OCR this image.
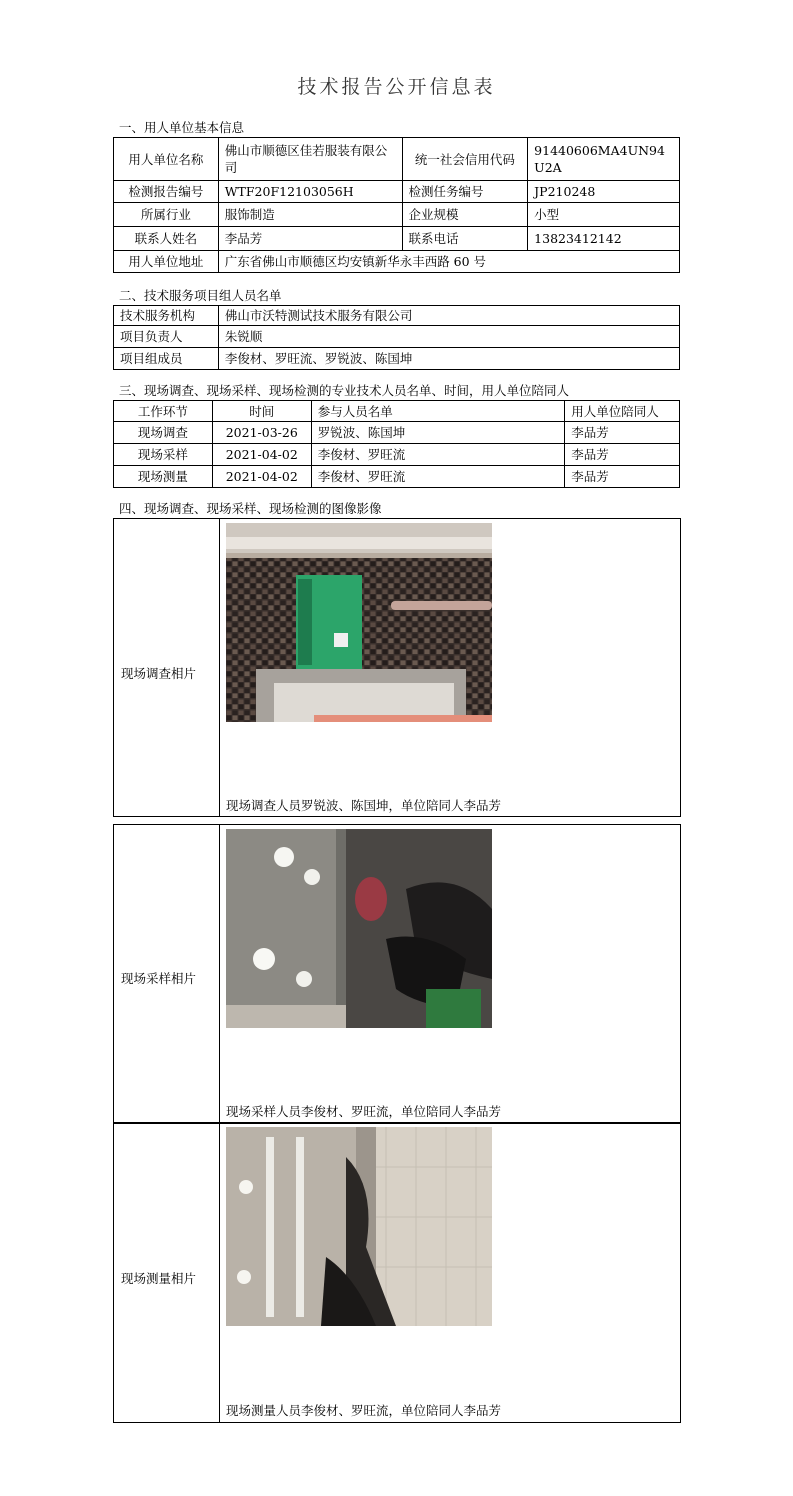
技术报告公开信息表
一、用人单位基本信息
用人单位名称	佛山市顺德区佳若服装有限公司	统一社会信用代码	91440606MA4UN94U2A
检测报告编号	WTF20F12103056H	检测任务编号	JP210248
所属行业	服饰制造	企业规模	小型
联系人姓名	李品芳	联系电话	13823412142
用人单位地址	广东省佛山市顺德区均安镇新华永丰西路 60 号		
二、技术服务项目组人员名单
技术服务机构	佛山市沃特测试技术服务有限公司
项目负责人	朱锐顺
项目组成员	李俊材、罗旺流、罗锐波、陈国坤
三、现场调查、现场采样、现场检测的专业技术人员名单、时间，用人单位陪同人
工作环节	时间	参与人员名单	用人单位陪同人
现场调查	2021-03-26	罗锐波、陈国坤	李品芳
现场采样	2021-04-02	李俊材、罗旺流	李品芳
现场测量	2021-04-02	李俊材、罗旺流	李品芳
四、现场调查、现场采样、现场检测的图像影像
现场调查相片
现场调查人员罗锐波、陈国坤，单位陪同人李品芳
现场采样相片
现场采样人员李俊材、罗旺流，单位陪同人李品芳
现场测量相片
现场测量人员李俊材、罗旺流，单位陪同人李品芳
